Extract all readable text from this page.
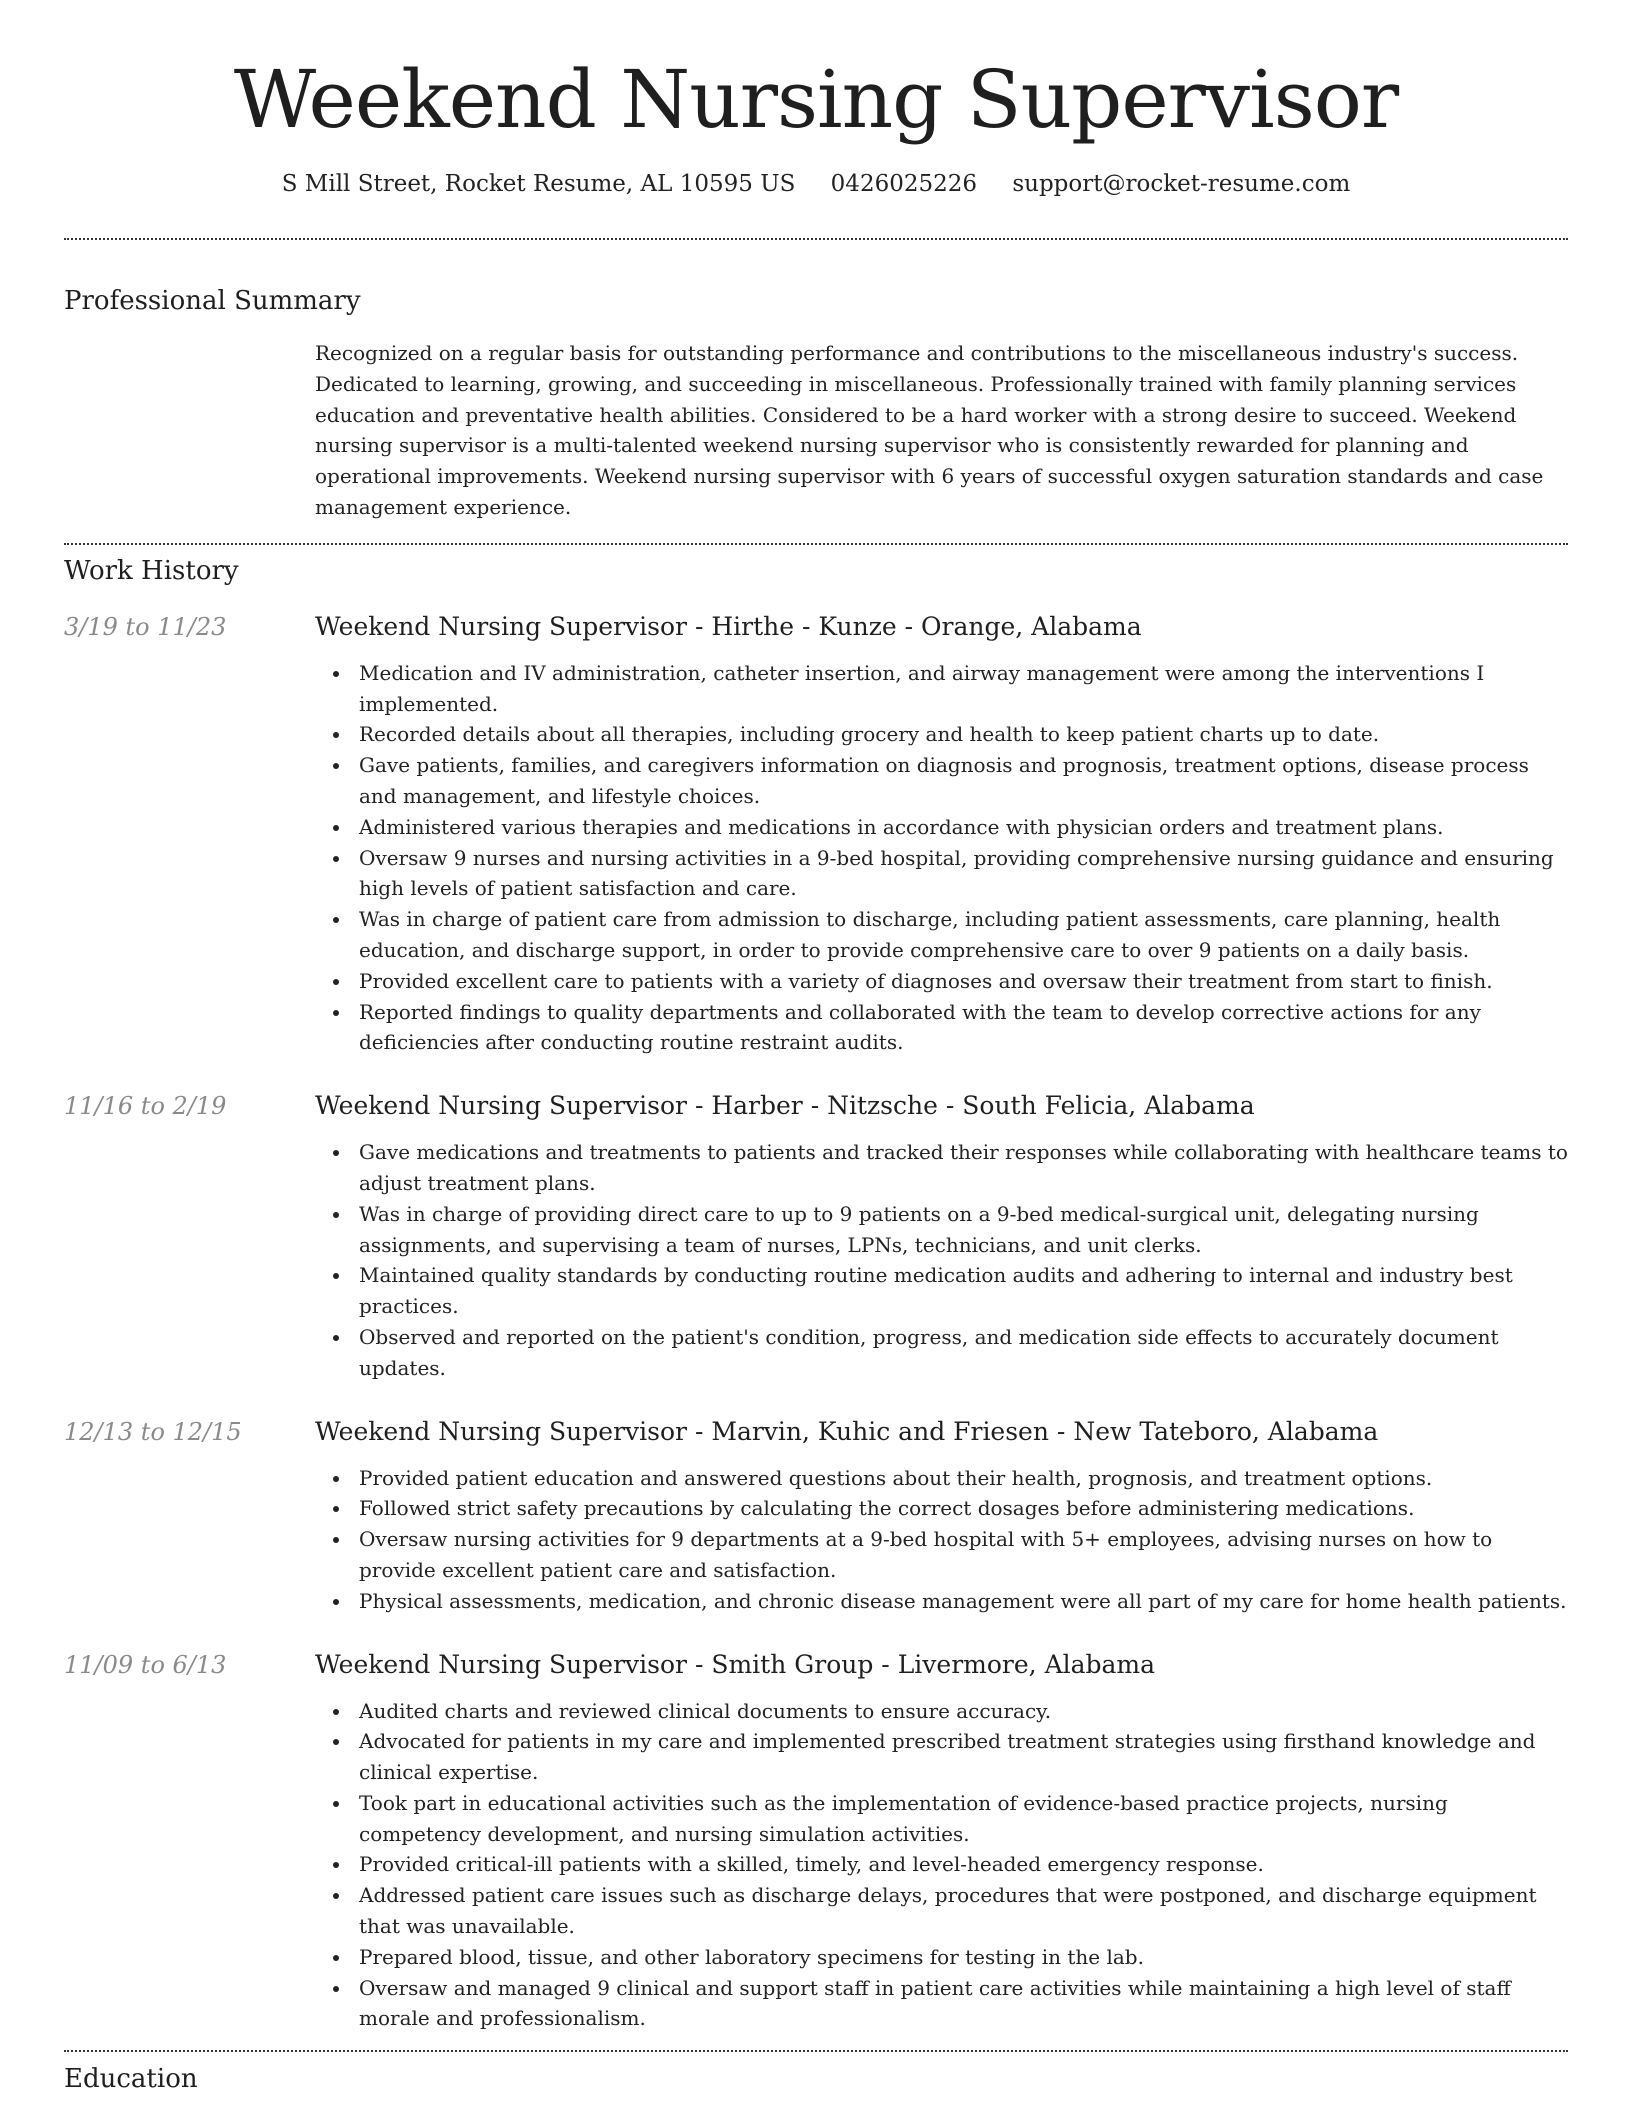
Weekend Nursing Supervisor
S Mill Street, Rocket Resume, AL 10595 US 0426025226 support@rocket-resume.com
Professional Summary
Recognized on a regular basis for outstanding performance and contributions to the miscellaneous industry's success. Dedicated to learning, growing, and succeeding in miscellaneous. Professionally trained with family planning services education and preventative health abilities. Considered to be a hard worker with a strong desire to succeed. Weekend nursing supervisor is a multi-talented weekend nursing supervisor who is consistently rewarded for planning and operational improvements. Weekend nursing supervisor with 6 years of successful oxygen saturation standards and case management experience.
Work History
3/19 to 11/23	Weekend Nursing Supervisor - Hirthe - Kunze - Orange, Alabama
Medication and IV administration, catheter insertion, and airway management were among the interventions I implemented.
Recorded details about all therapies, including grocery and health to keep patient charts up to date.
Gave patients, families, and caregivers information on diagnosis and prognosis, treatment options, disease process and management, and lifestyle choices.
Administered various therapies and medications in accordance with physician orders and treatment plans.
Oversaw 9 nurses and nursing activities in a 9-bed hospital, providing comprehensive nursing guidance and ensuring high levels of patient satisfaction and care.
Was in charge of patient care from admission to discharge, including patient assessments, care planning, health education, and discharge support, in order to provide comprehensive care to over 9 patients on a daily basis.
Provided excellent care to patients with a variety of diagnoses and oversaw their treatment from start to finish.
Reported findings to quality departments and collaborated with the team to develop corrective actions for any deficiencies after conducting routine restraint audits.
11/16 to 2/19	Weekend Nursing Supervisor - Harber - Nitzsche - South Felicia, Alabama
Gave medications and treatments to patients and tracked their responses while collaborating with healthcare teams to adjust treatment plans.
Was in charge of providing direct care to up to 9 patients on a 9-bed medical-surgical unit, delegating nursing assignments, and supervising a team of nurses, LPNs, technicians, and unit clerks.
Maintained quality standards by conducting routine medication audits and adhering to internal and industry best practices.
Observed and reported on the patient's condition, progress, and medication side effects to accurately document updates.
12/13 to 12/15	Weekend Nursing Supervisor - Marvin, Kuhic and Friesen - New Tateboro, Alabama
Provided patient education and answered questions about their health, prognosis, and treatment options.
Followed strict safety precautions by calculating the correct dosages before administering medications.
Oversaw nursing activities for 9 departments at a 9-bed hospital with 5+ employees, advising nurses on how to provide excellent patient care and satisfaction.
Physical assessments, medication, and chronic disease management were all part of my care for home health patients.
11/09 to 6/13	Weekend Nursing Supervisor - Smith Group - Livermore, Alabama
Audited charts and reviewed clinical documents to ensure accuracy.
Advocated for patients in my care and implemented prescribed treatment strategies using firsthand knowledge and clinical expertise.
Took part in educational activities such as the implementation of evidence-based practice projects, nursing competency development, and nursing simulation activities.
Provided critical-ill patients with a skilled, timely, and level-headed emergency response.
Addressed patient care issues such as discharge delays, procedures that were postponed, and discharge equipment that was unavailable.
Prepared blood, tissue, and other laboratory specimens for testing in the lab.
Oversaw and managed 9 clinical and support staff in patient care activities while maintaining a high level of staff morale and professionalism.
Education
